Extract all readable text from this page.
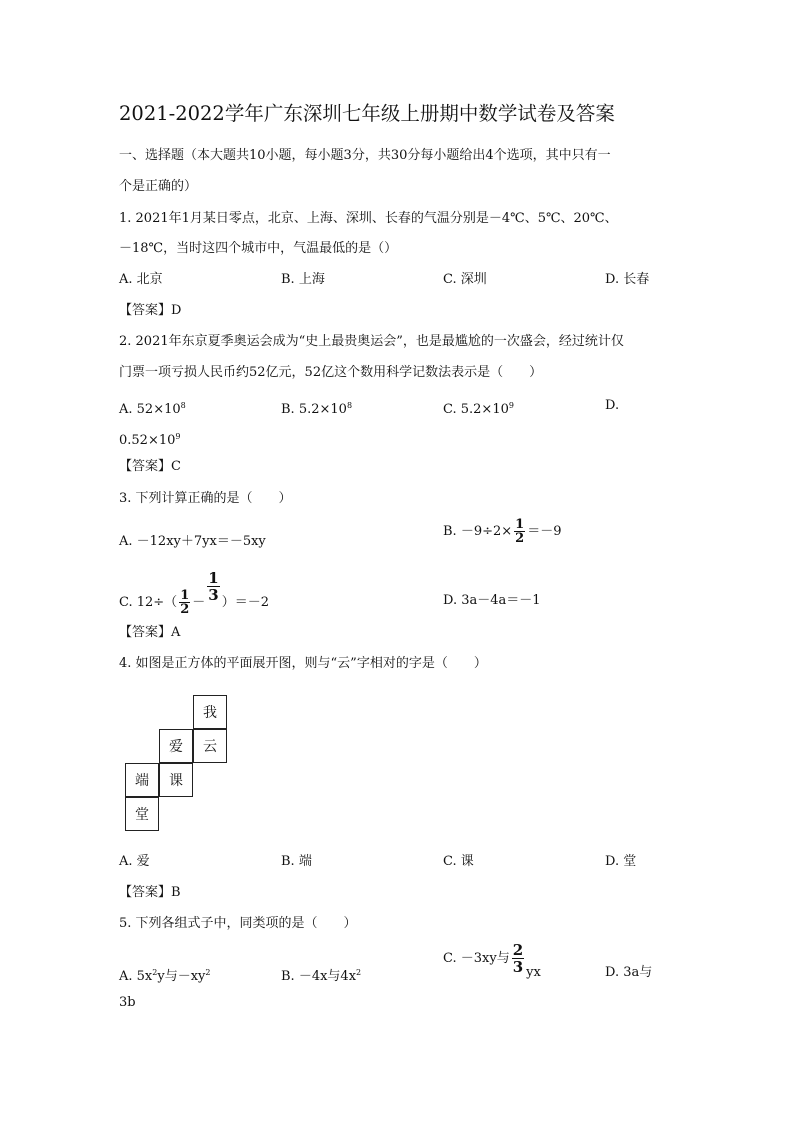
2021-2022学年广东深圳七年级上册期中数学试卷及答案
一、选择题（本大题共10小题，每小题3分，共30分每小题给出4个选项，其中只有一
个是正确的）
1. 2021年1月某日零点，北京、上海、深圳、长春的气温分别是－4℃、5℃、20℃、
－18℃，当时这四个城市中，气温最低的是（）
A. 北京	B. 上海	C. 深圳	D. 长春
【答案】D
2. 2021年东京夏季奥运会成为“史上最贵奥运会”，也是最尴尬的一次盛会，经过统计仅
门票一项亏损人民币约52亿元，52亿这个数用科学记数法表示是（　　）
A. $52\times 10^8$	B. $5.2\times 10^8$	C. $5.2\times 10^9$	D.
$0.52\times 10^9$
【答案】C
3. 下列计算正确的是（　　）
A. －12xy＋7yx＝－5xy
B. $-9\div 2\times \frac{1}{2} =-9$
C. $12\div( \frac{1}{2} - \frac{1}{3} )=-2$	D. 3a－4a＝－1
【答案】A
4. 如图是正方体的平面展开图，则与“云”字相对的字是（　　）
我
爱	云
端	课
堂
A. 爱	B. 端	C. 课	D. 堂
【答案】B
5. 下列各组式子中，同类项的是（　　）
A. $5x^2y$与$-xy^2$	B. －4x与$4x^2$
C. －3xy与 $\frac{2}{3}$ yx	D. 3a与
3b
